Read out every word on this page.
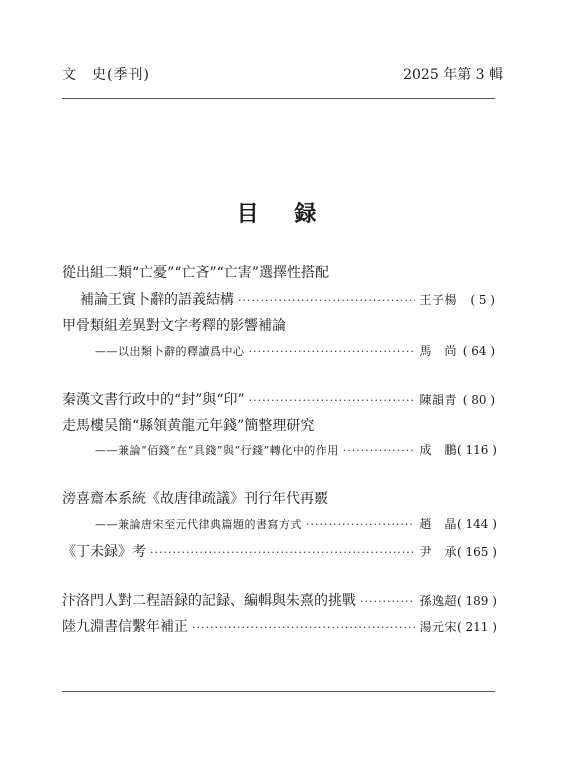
文　史(季刊)	2025 年第 3 輯
目 録
從出組二類“亡憂”“亡吝”“亡害”選擇性搭配
補論王賓卜辭的語義結構 ·····	王子楊	( 5 )
甲骨類組差異對文字考釋的影響補論
——以出類卜辭的釋讀爲中心 ·····	馬　尚 ( 64 )
秦漢文書行政中的“封”與“印” ·····	陳韻青 ( 80 )
走馬樓吴簡“縣領黄龍元年錢”簡整理研究
——兼論“佰錢”在“具錢”與“行錢”轉化中的作用 ·····	成　鵬 ( 116 )
滂喜齋本系統《故唐律疏議》刊行年代再覈
——兼論唐宋至元代律典篇題的書寫方式 ·····	趙　晶 ( 144 )
《丁未録》考 ·····	尹　承 ( 165 )
汴洛門人對二程語録的記録、編輯與朱熹的挑戰 ·····	孫逸超 ( 189 )
陸九淵書信繫年補正 ·····	湯元宋 ( 211 )
